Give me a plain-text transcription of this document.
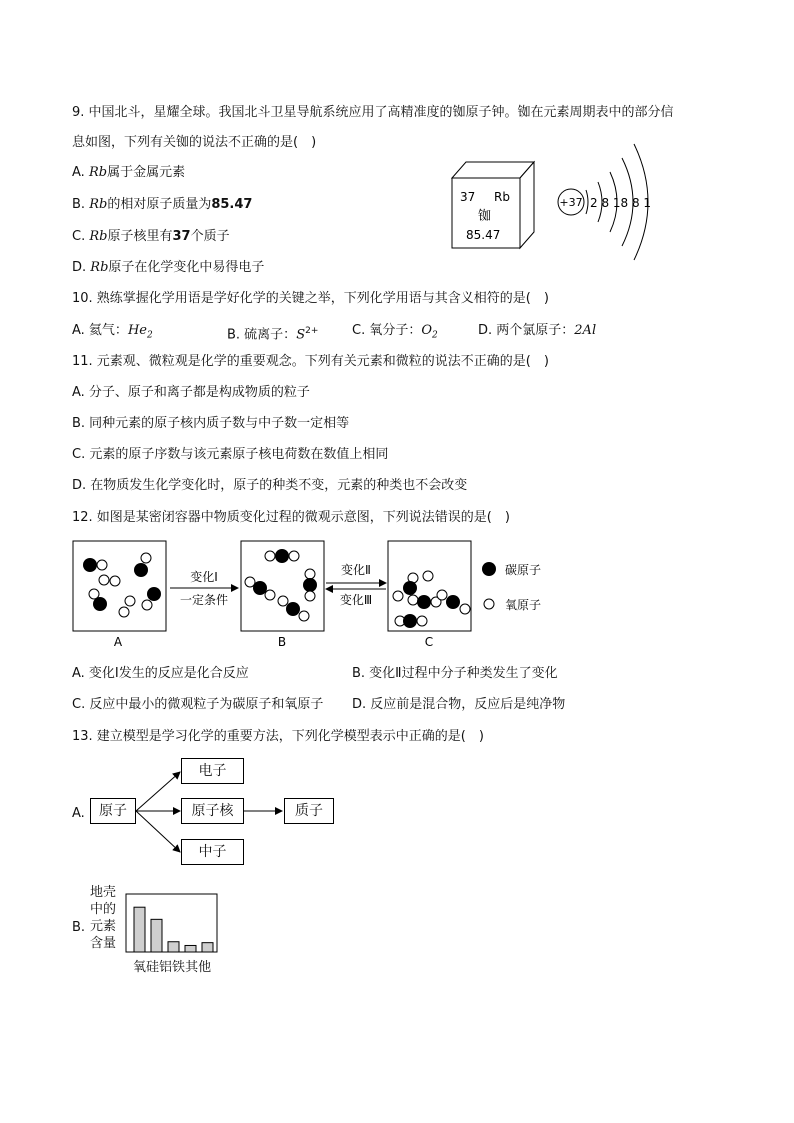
9. 中国北斗，星耀全球。我国北斗卫星导航系统应用了高精准度的铷原子钟。铷在元素周期表中的部分信
息如图，下列有关铷的说法不正确的是(　)
A. Rb属于金属元素
B. Rb的相对原子质量为85.47
C. Rb原子核里有37个质子
D. Rb原子在化学变化中易得电子
37 Rb
铷
85.47
+37 2 8 18 8 1
10. 熟练掌握化学用语是学好化学的关键之举，下列化学用语与其含义相符的是(　)
A. 氦气：$He_2$	B. 硫离子：$S^{2+}$	C. 氧分子：$O_2$	D. 两个氯原子：2Al
11. 元素观、微粒观是化学的重要观念。下列有关元素和微粒的说法不正确的是(　)
A. 分子、原子和离子都是构成物质的粒子
B. 同种元素的原子核内质子数与中子数一定相等
C. 元素的原子序数与该元素原子核电荷数在数值上相同
D. 在物质发生化学变化时，原子的种类不变，元素的种类也不会改变
12. 如图是某密闭容器中物质变化过程的微观示意图，下列说法错误的是(　)
A
变化Ⅰ
一定条件
B
变化Ⅱ
变化Ⅲ
C
碳原子
氧原子
A. 变化Ⅰ发生的反应是化合反应	B. 变化Ⅱ过程中分子种类发生了变化
C. 反应中最小的微观粒子为碳原子和氧原子 D. 反应前是混合物，反应后是纯净物
13. 建立模型是学习化学的重要方法，下列化学模型表示中正确的是(　)
A.	原子
电子
原子核
中子
质子
B.
地壳
中的
元素
含量
氧硅铝铁其他
